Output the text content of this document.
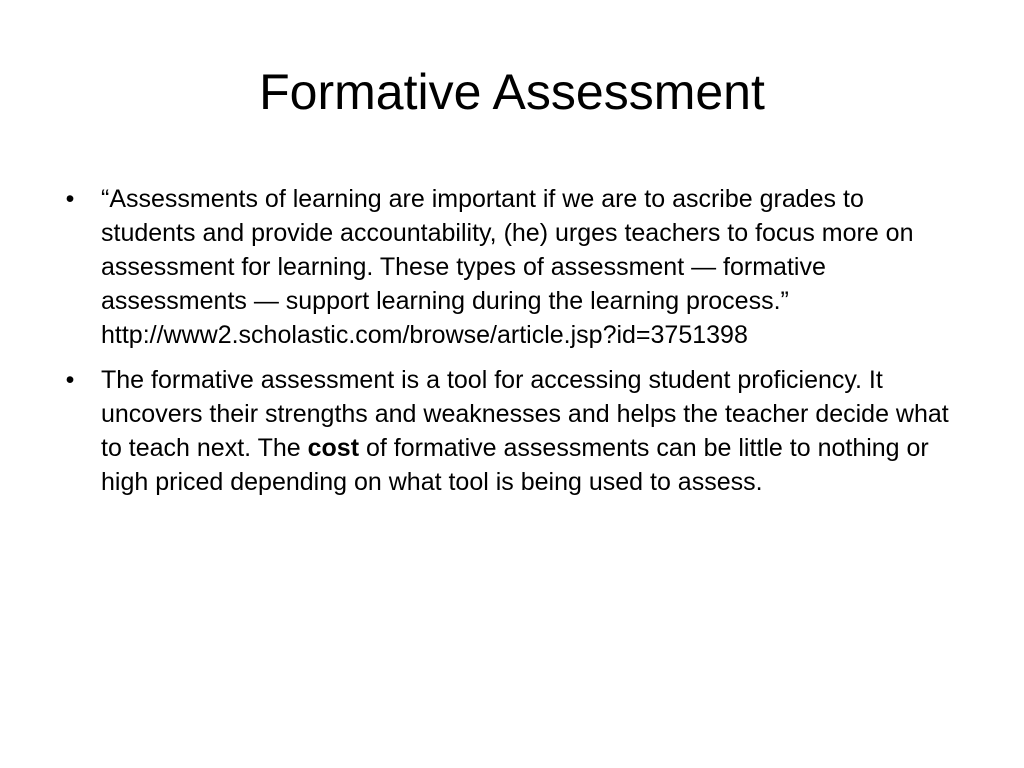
Formative Assessment
• “Assessments of learning are important if we are to ascribe grades to students and provide accountability, (he) urges teachers to focus more on assessment for learning. These types of assessment — formative assessments — support learning during the learning process.”
http://www2.scholastic.com/browse/article.jsp?id=3751398
• The formative assessment is a tool for accessing student proficiency. It uncovers their strengths and weaknesses and helps the teacher decide what to teach next. The cost of formative assessments can be little to nothing or high priced depending on what tool is being used to assess.
